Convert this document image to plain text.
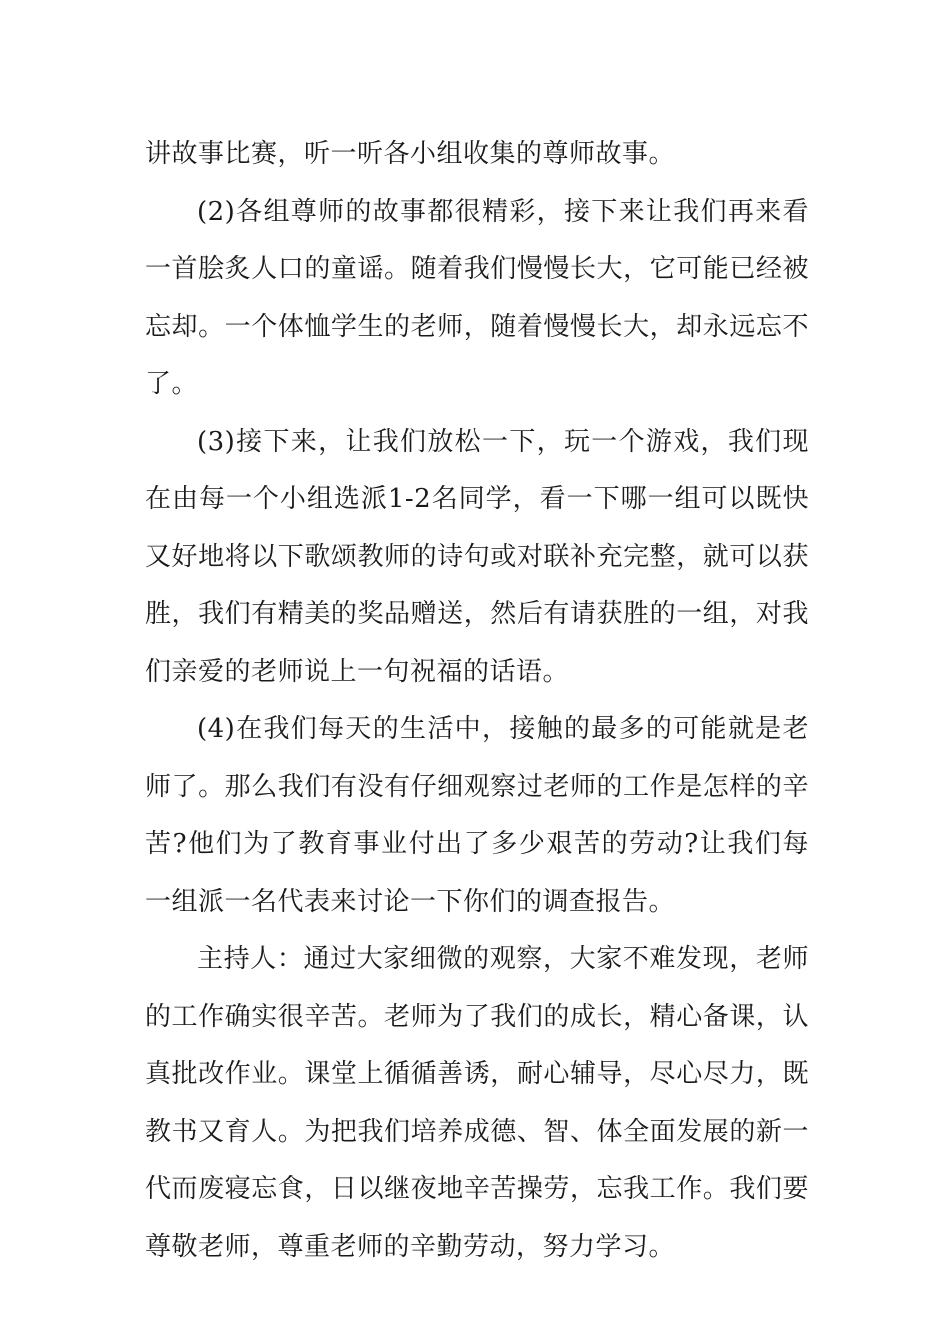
讲故事比赛，听一听各小组收集的尊师故事。

(2)各组尊师的故事都很精彩，接下来让我们再来看一首脍炙人口的童谣。随着我们慢慢长大，它可能已经被忘却。一个体恤学生的老师，随着慢慢长大，却永远忘不了。

(3)接下来，让我们放松一下，玩一个游戏，我们现在由每一个小组选派1-2名同学，看一下哪一组可以既快又好地将以下歌颂教师的诗句或对联补充完整，就可以获胜，我们有精美的奖品赠送，然后有请获胜的一组，对我们亲爱的老师说上一句祝福的话语。

(4)在我们每天的生活中，接触的最多的可能就是老师了。那么我们有没有仔细观察过老师的工作是怎样的辛苦?他们为了教育事业付出了多少艰苦的劳动?让我们每一组派一名代表来讨论一下你们的调查报告。

主持人：通过大家细微的观察，大家不难发现，老师的工作确实很辛苦。老师为了我们的成长，精心备课，认真批改作业。课堂上循循善诱，耐心辅导，尽心尽力，既教书又育人。为把我们培养成德、智、体全面发展的新一代而废寝忘食，日以继夜地辛苦操劳，忘我工作。我们要尊敬老师，尊重老师的辛勤劳动，努力学习。
